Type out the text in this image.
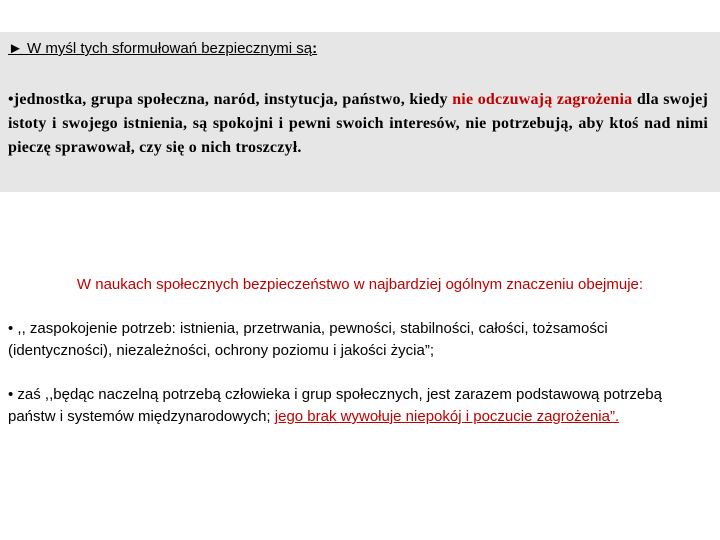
► W myśl tych sformułowań bezpiecznymi są:

•jednostka, grupa społeczna, naród, instytucja, państwo, kiedy nie odczuwają zagrożenia dla swojej istoty i swojego istnienia, są spokojni i pewni swoich interesów, nie potrzebują, aby ktoś nad nimi pieczę sprawował, czy się o nich troszczył.

W naukach społecznych bezpieczeństwo w najbardziej ogólnym znaczeniu obejmuje:

• ,, zaspokojenie potrzeb: istnienia, przetrwania, pewności, stabilności, całości, tożsamości (identyczności), niezależności, ochrony poziomu i jakości życia”;

• zaś ,,będąc naczelną potrzebą człowieka i grup społecznych, jest zarazem podstawową potrzebą państw i systemów międzynarodowych; jego brak wywołuje niepokój i poczucie zagrożenia”.
